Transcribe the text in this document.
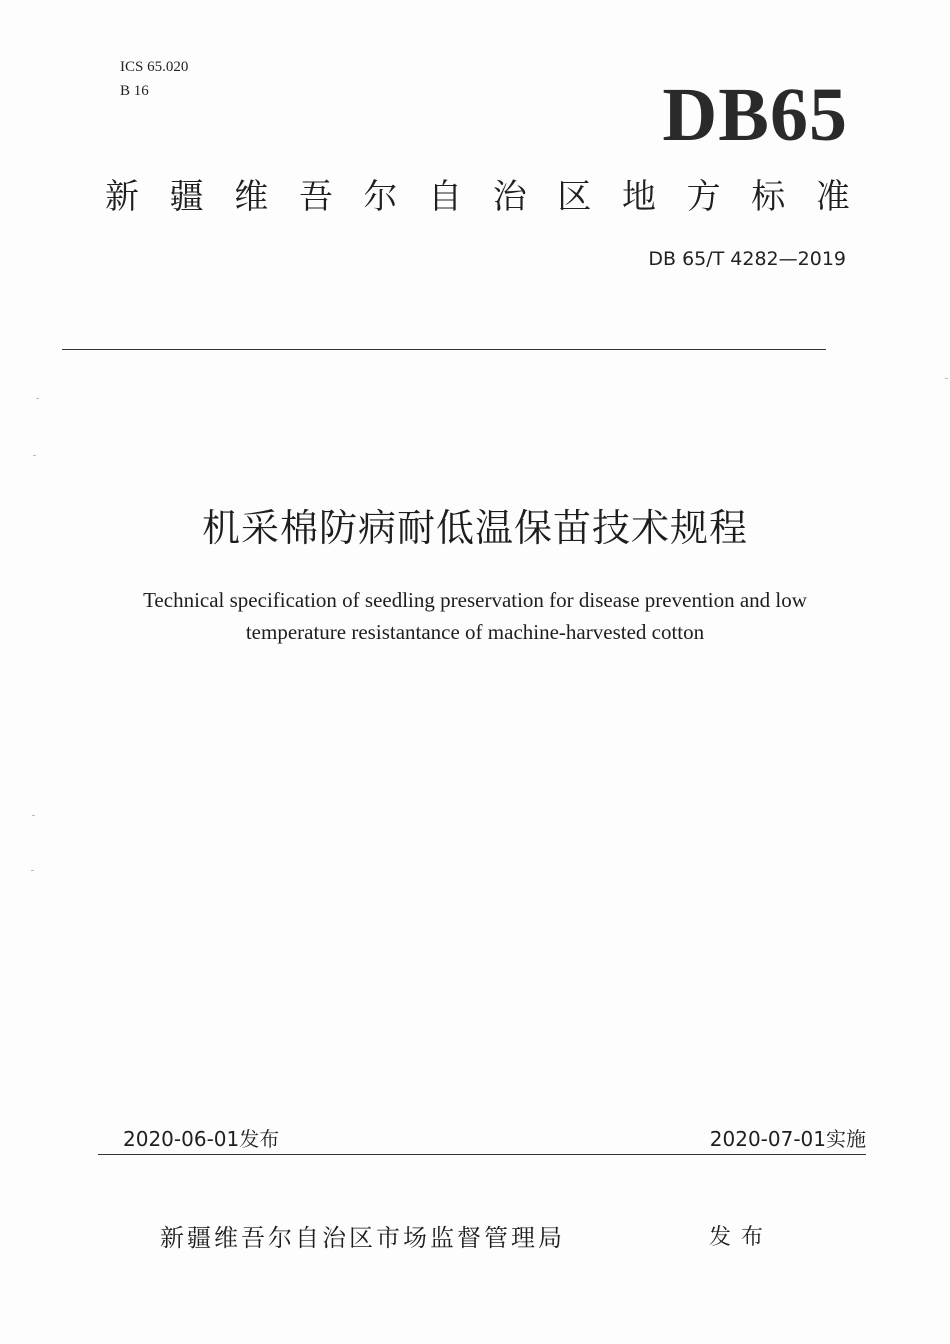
ICS 65.020
B 16	DB65
新 疆 维 吾 尔 自 治 区 地 方 标 准
DB 65/T 4282—2019
机采棉防病耐低温保苗技术规程
Technical specification of seedling preservation for disease prevention and low
temperature resistantance of machine-harvested cotton
2020-06-01发布	2020-07-01实施
新疆维吾尔自治区市场监督管理局	发布
